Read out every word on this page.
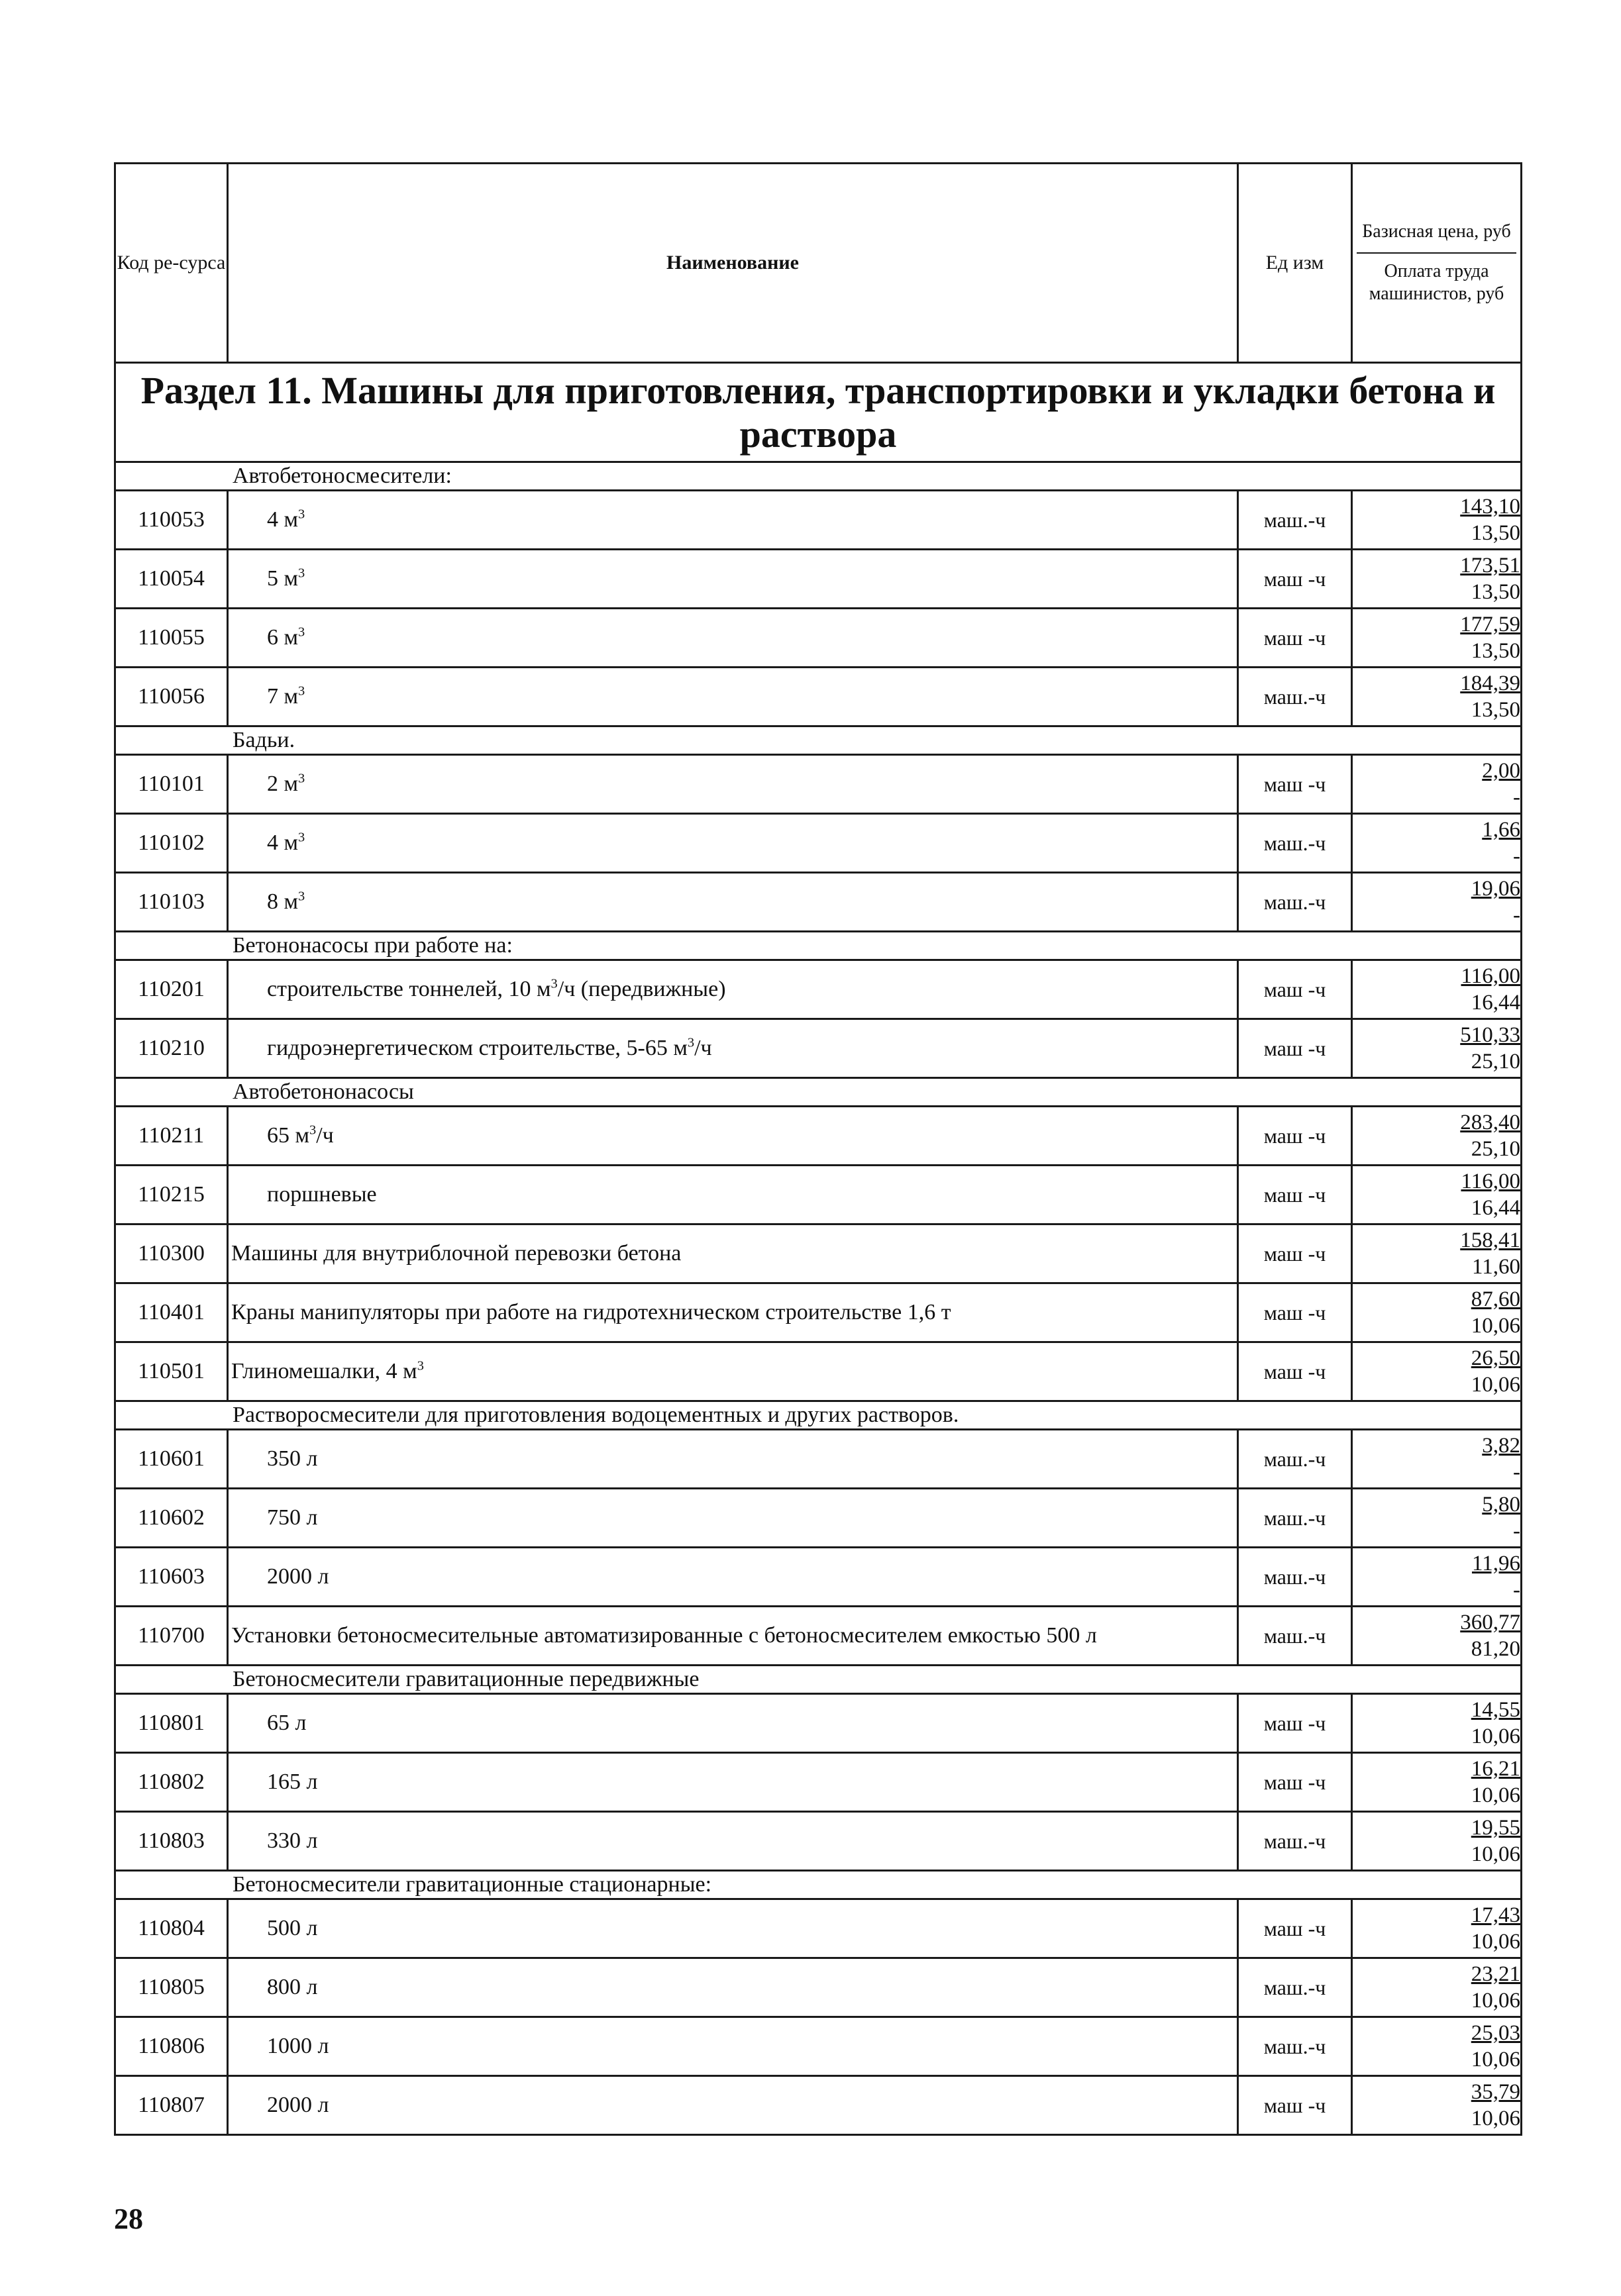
Код ре-сурса	Наименование	Ед изм	Базисная цена, руб
Оплата труда машинистов, руб

Раздел 11. Машины для приготовления, транспортировки и укладки бетона и раствора			
Автобетоносмесители:			
110053	4 $м^3$	маш.-ч	143,10
13,50

110054	5 $м^3$	маш -ч	173,51
13,50

110055	6 $м^3$	маш -ч	177,59
13,50

110056	7 $м^3$	маш.-ч	184,39
13,50

Бадьи.			
110101	2 $м^3$	маш -ч	2,00
-

110102	4 $м^3$	маш.-ч	1,66
-

110103	8 $м^3$	маш.-ч	19,06
-

Бетононасосы при работе на:			
110201	строительстве тоннелей, 10 $м^3/ч$ (передвижные)	маш -ч	116,00
16,44

110210	гидроэнергетическом строительстве, 5-65 $м^3/ч$	маш -ч	510,33
25,10

Автобетононасосы			
110211	65 $м^3/ч$	маш -ч	283,40
25,10

110215	поршневые	маш -ч	116,00
16,44

110300	Машины для внутриблочной перевозки бетона	маш -ч	158,41
11,60

110401	Краны манипуляторы при работе на гидротехническом строительстве 1,6 т	маш -ч	87,60
10,06

110501	Глиномешалки, 4 $м^3$	маш -ч	26,50
10,06

Растворосмесители для приготовления водоцементных и других растворов.			
110601	350 л	маш.-ч	3,82
-

110602	750 л	маш.-ч	5,80
-

110603	2000 л	маш.-ч	11,96
-

110700	Установки бетоносмесительные автоматизированные с бетоносмесителем емкостью 500 л	маш.-ч	360,77
81,20

Бетоносмесители гравитационные передвижные			
110801	65 л	маш -ч	14,55
10,06

110802	165 л	маш -ч	16,21
10,06

110803	330 л	маш.-ч	19,55
10,06

Бетоносмесители гравитационные стационарные:			
110804	500 л	маш -ч	17,43
10,06

110805	800 л	маш.-ч	23,21
10,06

110806	1000 л	маш.-ч	25,03
10,06

110807	2000 л	маш -ч	35,79
10,06
28
